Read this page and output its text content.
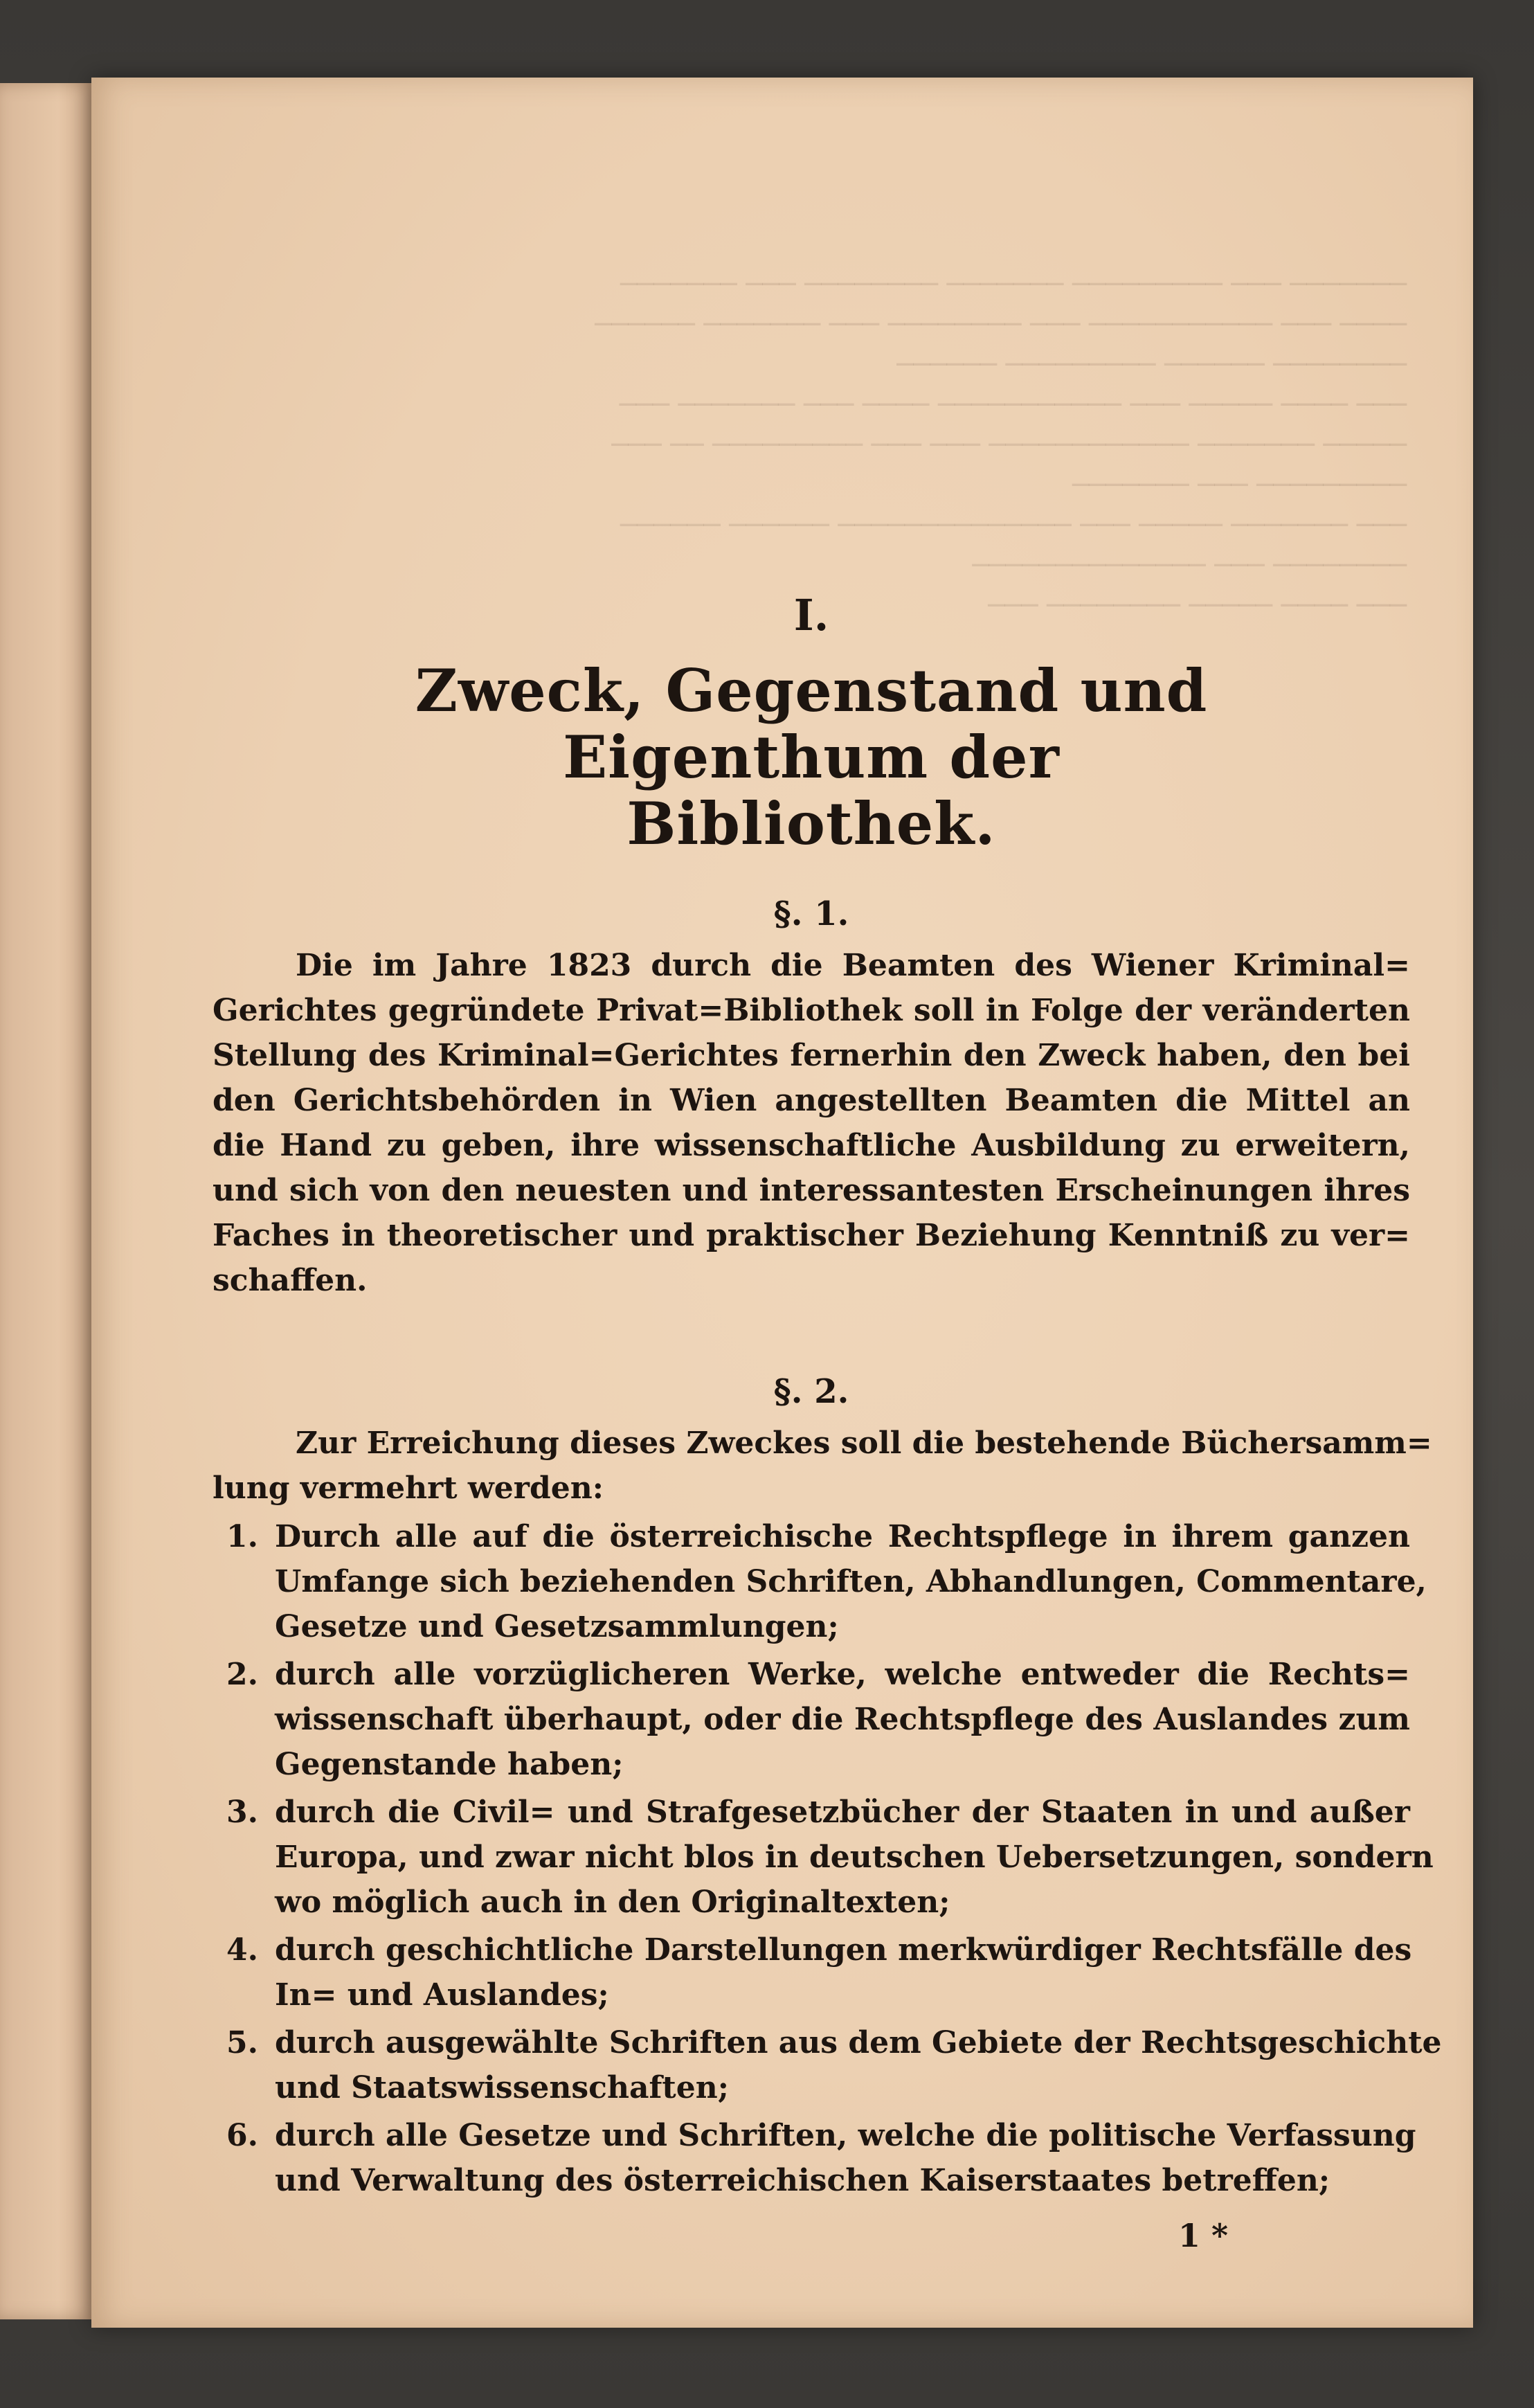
─────── ─── ───────── ─────── ──────── ─── ───────
──── ─── ─────────── ─── ──────── ─── ─────── ──────
──────── ────── ───────── ──────
─── ──── ───── ─── ─────────── ──── ─── ─────── ───
───── ─────── ──────────── ─── ─── ───────── ── ───
───────── ─── ───────
─── ─────── ───── ─── ────────────── ────── ──────
──────── ─── ──────────────
─── ──── ───── ──────── ───
I.
Zweck, Gegenstand und Eigenthum der
Bibliothek.
§. 1.
Die im Jahre 1823 durch die Beamten des Wiener Kriminal=
Gerichtes gegründete Privat=Bibliothek soll in Folge der veränderten
Stellung des Kriminal=Gerichtes fernerhin den Zweck haben, den bei
den Gerichtsbehörden in Wien angestellten Beamten die Mittel an
die Hand zu geben, ihre wissenschaftliche Ausbildung zu erweitern,
und sich von den neuesten und interessantesten Erscheinungen ihres
Faches in theoretischer und praktischer Beziehung Kenntniß zu ver=
schaffen.
§. 2.
Zur Erreichung dieses Zweckes soll die bestehende Büchersamm=
lung vermehrt werden:
1. Durch alle auf die österreichische Rechtspflege in ihrem ganzen
Umfange sich beziehenden Schriften, Abhandlungen, Commentare,
Gesetze und Gesetzsammlungen;
2. durch alle vorzüglicheren Werke, welche entweder die Rechts=
wissenschaft überhaupt, oder die Rechtspflege des Auslandes zum
Gegenstande haben;
3. durch die Civil= und Strafgesetzbücher der Staaten in und außer
Europa, und zwar nicht blos in deutschen Uebersetzungen, sondern
wo möglich auch in den Originaltexten;
4. durch geschichtliche Darstellungen merkwürdiger Rechtsfälle des
In= und Auslandes;
5. durch ausgewählte Schriften aus dem Gebiete der Rechtsgeschichte
und Staatswissenschaften;
6. durch alle Gesetze und Schriften, welche die politische Verfassung
und Verwaltung des österreichischen Kaiserstaates betreffen;
1 *
